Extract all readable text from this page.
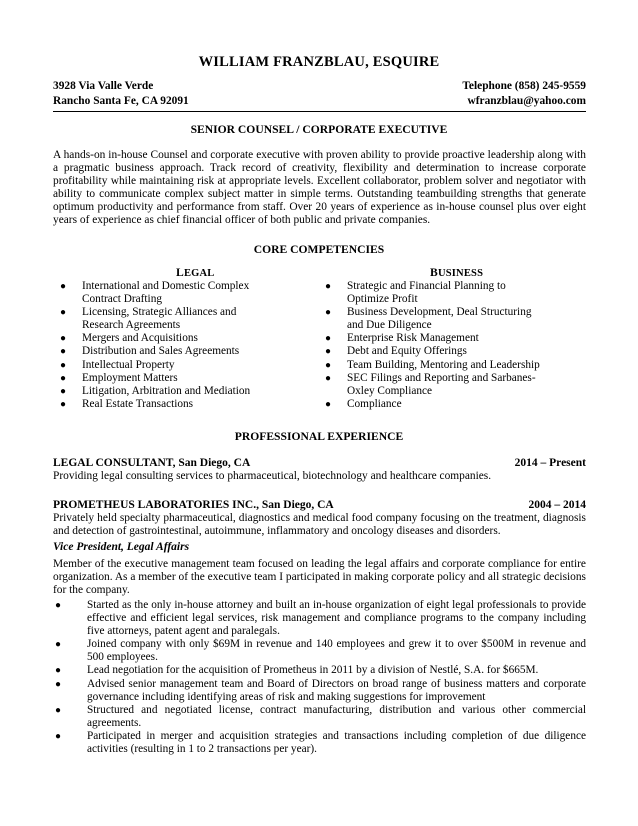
WILLIAM FRANZBLAU, ESQUIRE
3928 Via Valle Verde	Telephone (858) 245-9559
Rancho Santa Fe, CA 92091	wfranzblau@yahoo.com
SENIOR COUNSEL / CORPORATE EXECUTIVE
A hands-on in-house Counsel and corporate executive with proven ability to provide proactive leadership along with a pragmatic business approach. Track record of creativity, flexibility and determination to increase corporate profitability while maintaining risk at appropriate levels. Excellent collaborator, problem solver and negotiator with ability to communicate complex subject matter in simple terms. Outstanding teambuilding strengths that generate optimum productivity and performance from staff. Over 20 years of experience as in-house counsel plus over eight years of experience as chief financial officer of both public and private companies.
CORE COMPETENCIES
LEGAL	BUSINESS
● International and Domestic Complex Contract Drafting
● Licensing, Strategic Alliances and Research Agreements
● Mergers and Acquisitions
● Distribution and Sales Agreements
● Intellectual Property
● Employment Matters
● Litigation, Arbitration and Mediation
● Real Estate Transactions
● Strategic and Financial Planning to Optimize Profit
● Business Development, Deal Structuring and Due Diligence
● Enterprise Risk Management
● Debt and Equity Offerings
● Team Building, Mentoring and Leadership
● SEC Filings and Reporting and Sarbanes-Oxley Compliance
● Compliance
PROFESSIONAL EXPERIENCE
LEGAL CONSULTANT, San Diego, CA	2014 – Present
Providing legal consulting services to pharmaceutical, biotechnology and healthcare companies.
PROMETHEUS LABORATORIES INC., San Diego, CA	2004 – 2014
Privately held specialty pharmaceutical, diagnostics and medical food company focusing on the treatment, diagnosis and detection of gastrointestinal, autoimmune, inflammatory and oncology diseases and disorders.
Vice President, Legal Affairs
Member of the executive management team focused on leading the legal affairs and corporate compliance for entire organization. As a member of the executive team I participated in making corporate policy and all strategic decisions for the company.
● Started as the only in-house attorney and built an in-house organization of eight legal professionals to provide effective and efficient legal services, risk management and compliance programs to the company including five attorneys, patent agent and paralegals.
● Joined company with only $69M in revenue and 140 employees and grew it to over $500M in revenue and 500 employees.
● Lead negotiation for the acquisition of Prometheus in 2011 by a division of Nestlé, S.A. for $665M.
● Advised senior management team and Board of Directors on broad range of business matters and corporate governance including identifying areas of risk and making suggestions for improvement
● Structured and negotiated license, contract manufacturing, distribution and various other commercial agreements.
● Participated in merger and acquisition strategies and transactions including completion of due diligence activities (resulting in 1 to 2 transactions per year).
